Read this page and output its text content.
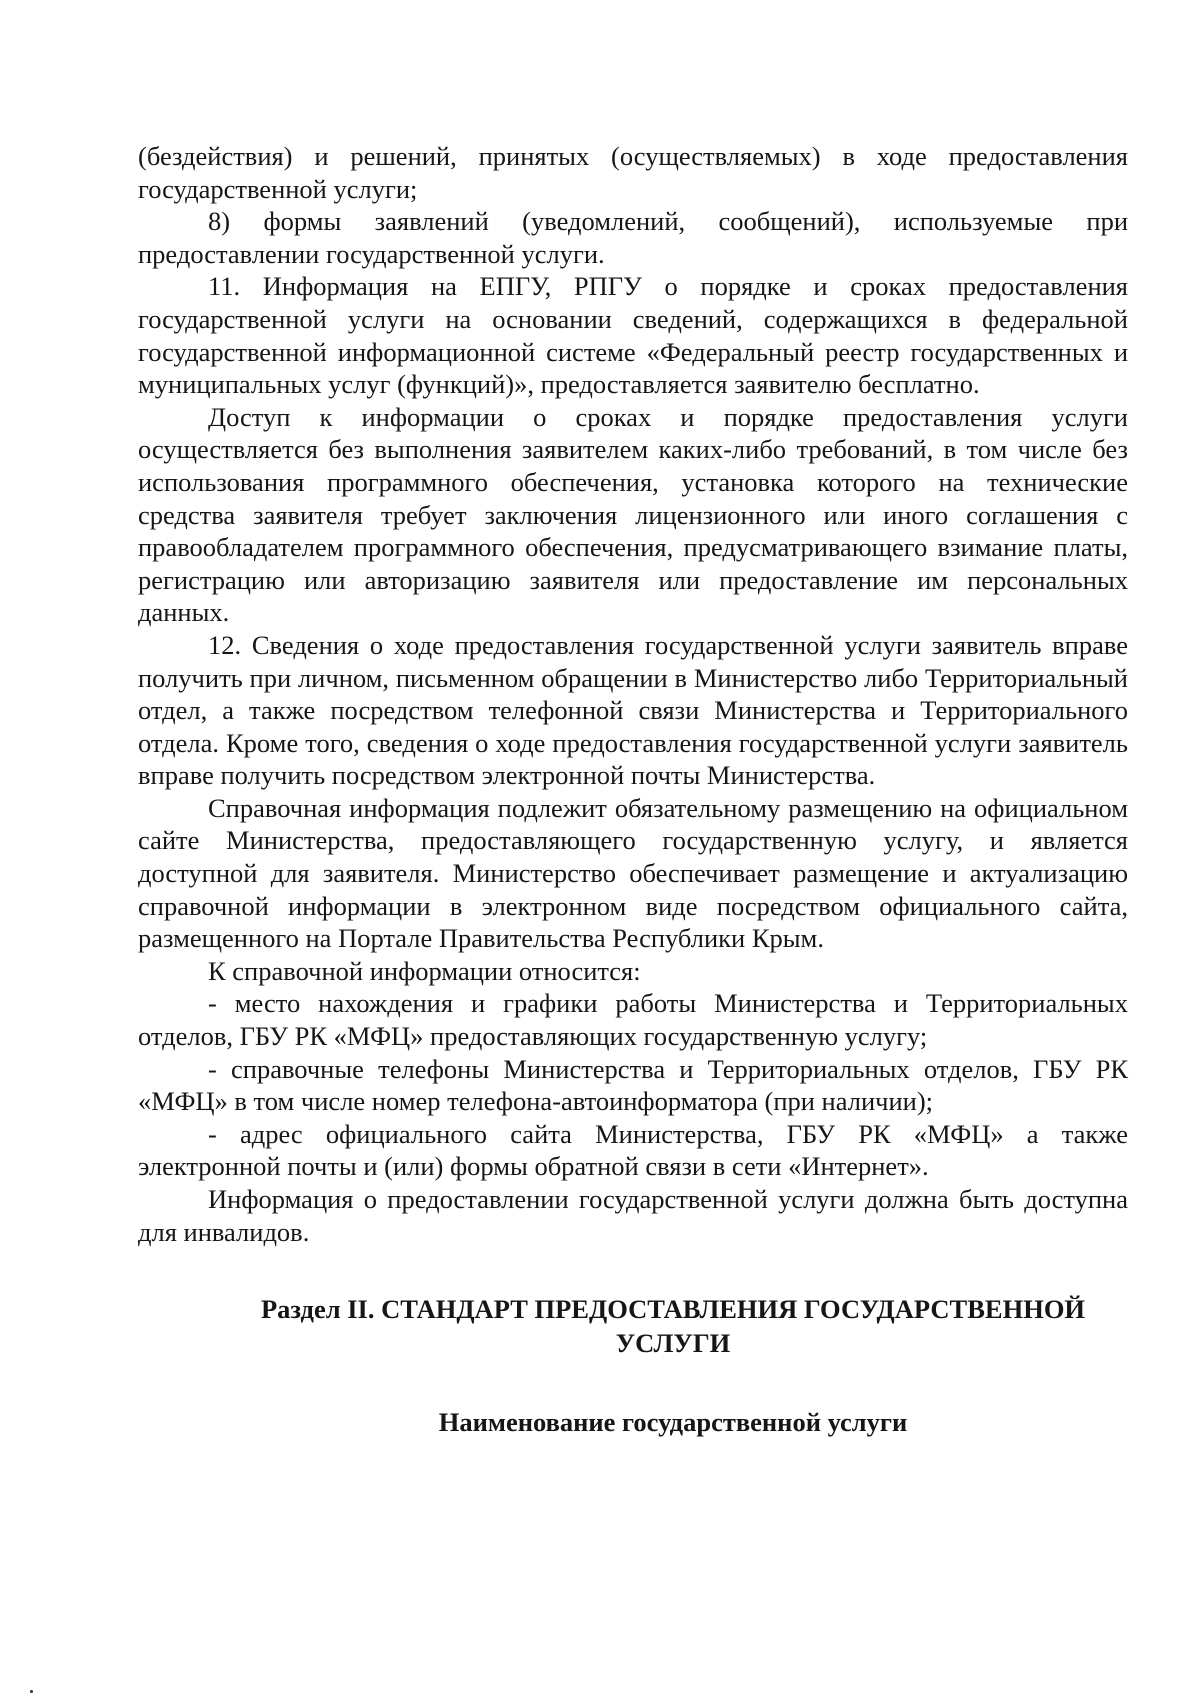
(бездействия) и решений, принятых (осуществляемых) в ходе предоставления государственной услуги;

8) формы заявлений (уведомлений, сообщений), используемые при предоставлении государственной услуги.

11. Информация на ЕПГУ, РПГУ о порядке и сроках предоставления государственной услуги на основании сведений, содержащихся в федеральной государственной информационной системе «Федеральный реестр государственных и муниципальных услуг (функций)», предоставляется заявителю бесплатно.

Доступ к информации о сроках и порядке предоставления услуги осуществляется без выполнения заявителем каких-либо требований, в том числе без использования программного обеспечения, установка которого на технические средства заявителя требует заключения лицензионного или иного соглашения с правообладателем программного обеспечения, предусматривающего взимание платы, регистрацию или авторизацию заявителя или предоставление им персональных данных.

12. Сведения о ходе предоставления государственной услуги заявитель вправе получить при личном, письменном обращении в Министерство либо Территориальный отдел, а также посредством телефонной связи Министерства и Территориального отдела. Кроме того, сведения о ходе предоставления государственной услуги заявитель вправе получить посредством электронной почты Министерства.

Справочная информация подлежит обязательному размещению на официальном сайте Министерства, предоставляющего государственную услугу, и является доступной для заявителя. Министерство обеспечивает размещение и актуализацию справочной информации в электронном виде посредством официального сайта, размещенного на Портале Правительства Республики Крым.

К справочной информации относится:

- место нахождения и графики работы Министерства и Территориальных отделов, ГБУ РК «МФЦ» предоставляющих государственную услугу;

- справочные телефоны Министерства и Территориальных отделов, ГБУ РК «МФЦ» в том числе номер телефона-автоинформатора (при наличии);

- адрес официального сайта Министерства, ГБУ РК «МФЦ» а также электронной почты и (или) формы обратной связи в сети «Интернет».

Информация о предоставлении государственной услуги должна быть доступна для инвалидов.

Раздел II. СТАНДАРТ ПРЕДОСТАВЛЕНИЯ ГОСУДАРСТВЕННОЙ УСЛУГИ

Наименование государственной услуги
